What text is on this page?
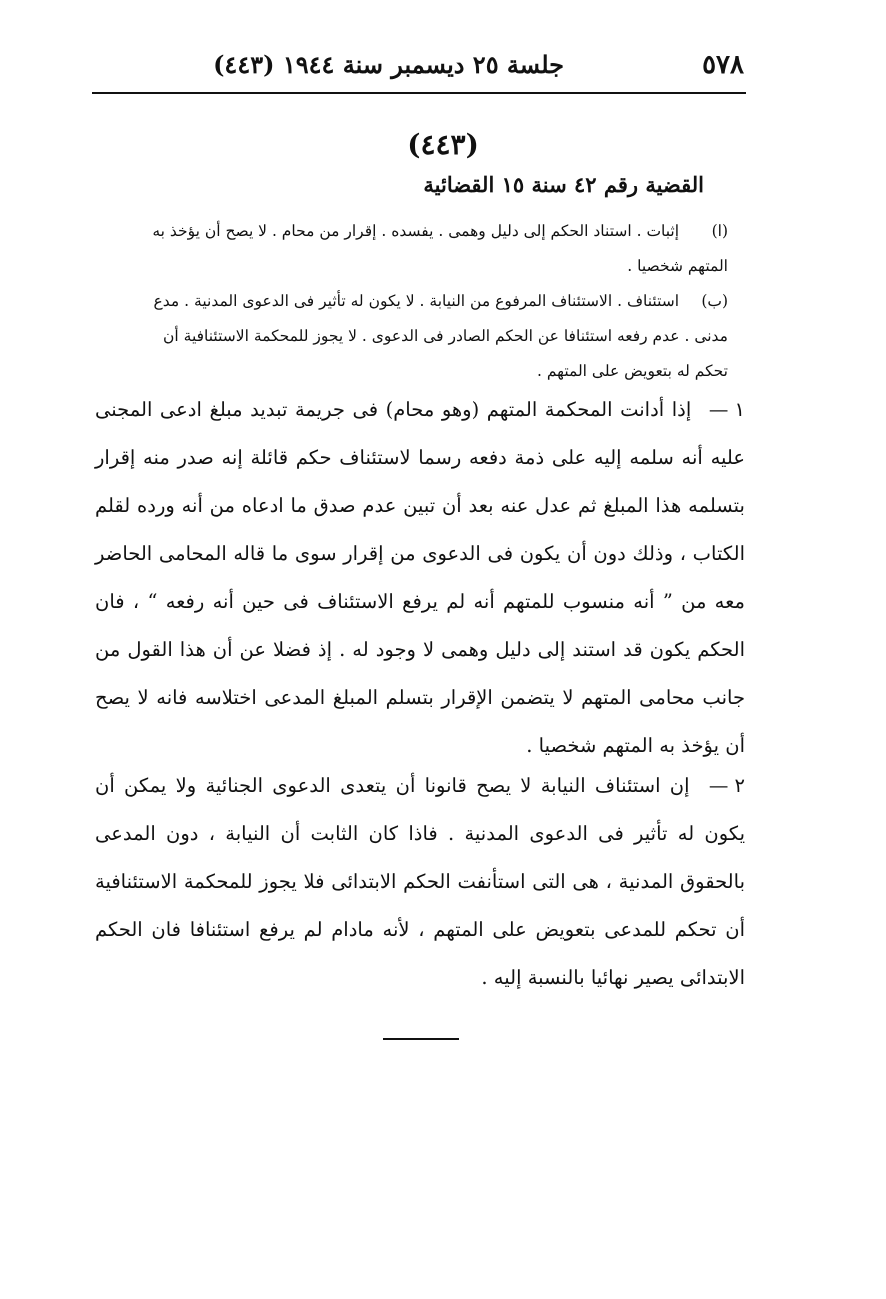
٥٧٨
جلسة ٢٥ ديسمبر سنة ١٩٤٤ (٤٤٣)
(٤٤٣)
القضية رقم ٤٢ سنة ١٥ القضائية
(ا) إثبات . استناد الحكم إلى دليل وهمى . يفسده . إقرار من محام . لا يصح أن يؤخذ به المتهم شخصيا .
(ب) استئناف . الاستئناف المرفوع من النيابة . لا يكون له تأثير فى الدعوى المدنية . مدع مدنى . عدم رفعه استئنافا عن الحكم الصادر فى الدعوى . لا يجوز للمحكمة الاستئنافية أن تحكم له بتعويض على المتهم .
١ — إذا أدانت المحكمة المتهم (وهو محام) فى جريمة تبديد مبلغ ادعى المجنى عليه أنه سلمه إليه على ذمة دفعه رسما لاستئناف حكم قائلة إنه صدر منه إقرار بتسلمه هذا المبلغ ثم عدل عنه بعد أن تبين عدم صدق ما ادعاه من أنه ورده لقلم الكتاب ، وذلك دون أن يكون فى الدعوى من إقرار سوى ما قاله المحامى الحاضر معه من ” أنه منسوب للمتهم أنه لم يرفع الاستئناف فى حين أنه رفعه “ ، فان الحكم يكون قد استند إلى دليل وهمى لا وجود له . إذ فضلا عن أن هذا القول من جانب محامى المتهم لا يتضمن الإقرار بتسلم المبلغ المدعى اختلاسه فانه لا يصح أن يؤخذ به المتهم شخصيا .
٢ — إن استئناف النيابة لا يصح قانونا أن يتعدى الدعوى الجنائية ولا يمكن أن يكون له تأثير فى الدعوى المدنية . فاذا كان الثابت أن النيابة ، دون المدعى بالحقوق المدنية ، هى التى استأنفت الحكم الابتدائى فلا يجوز للمحكمة الاستئنافية أن تحكم للمدعى بتعويض على المتهم ، لأنه مادام لم يرفع استئنافا فان الحكم الابتدائى يصير نهائيا بالنسبة إليه .
